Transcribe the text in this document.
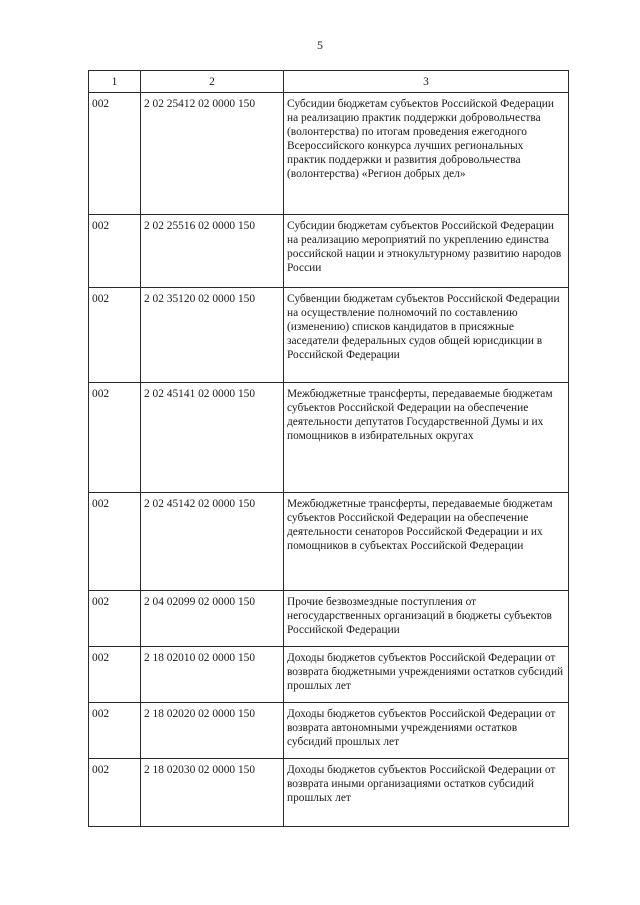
5
1	2	3
002	2 02 25412 02 0000 150	Субсидии бюджетам субъектов Российской Федерации на реализацию практик поддержки добровольчества (волонтерства) по итогам проведения ежегодного Всероссийского конкурса лучших региональных практик поддержки и развития добровольчества (волонтерства) «Регион добрых дел»
002	2 02 25516 02 0000 150	Субсидии бюджетам субъектов Российской Федерации на реализацию мероприятий по укреплению единства российской нации и этнокультурному развитию народов России
002	2 02 35120 02 0000 150	Субвенции бюджетам субъектов Российской Федерации на осуществление полномочий по составлению (изменению) списков кандидатов в присяжные заседатели федеральных судов общей юрисдикции в Российской Федерации
002	2 02 45141 02 0000 150	Межбюджетные трансферты, передаваемые бюджетам субъектов Российской Федерации на обеспечение деятельности депутатов Государственной Думы и их помощников в избирательных округах
002	2 02 45142 02 0000 150	Межбюджетные трансферты, передаваемые бюджетам субъектов Российской Федерации на обеспечение деятельности сенаторов Российской Федерации и их помощников в субъектах Российской Федерации
002	2 04 02099 02 0000 150	Прочие безвозмездные поступления от негосударственных организаций в бюджеты субъектов Российской Федерации
002	2 18 02010 02 0000 150	Доходы бюджетов субъектов Российской Федерации от возврата бюджетными учреждениями остатков субсидий прошлых лет
002	2 18 02020 02 0000 150	Доходы бюджетов субъектов Российской Федерации от возврата автономными учреждениями остатков субсидий прошлых лет
002	2 18 02030 02 0000 150	Доходы бюджетов субъектов Российской Федерации от возврата иными организациями остатков субсидий прошлых лет
